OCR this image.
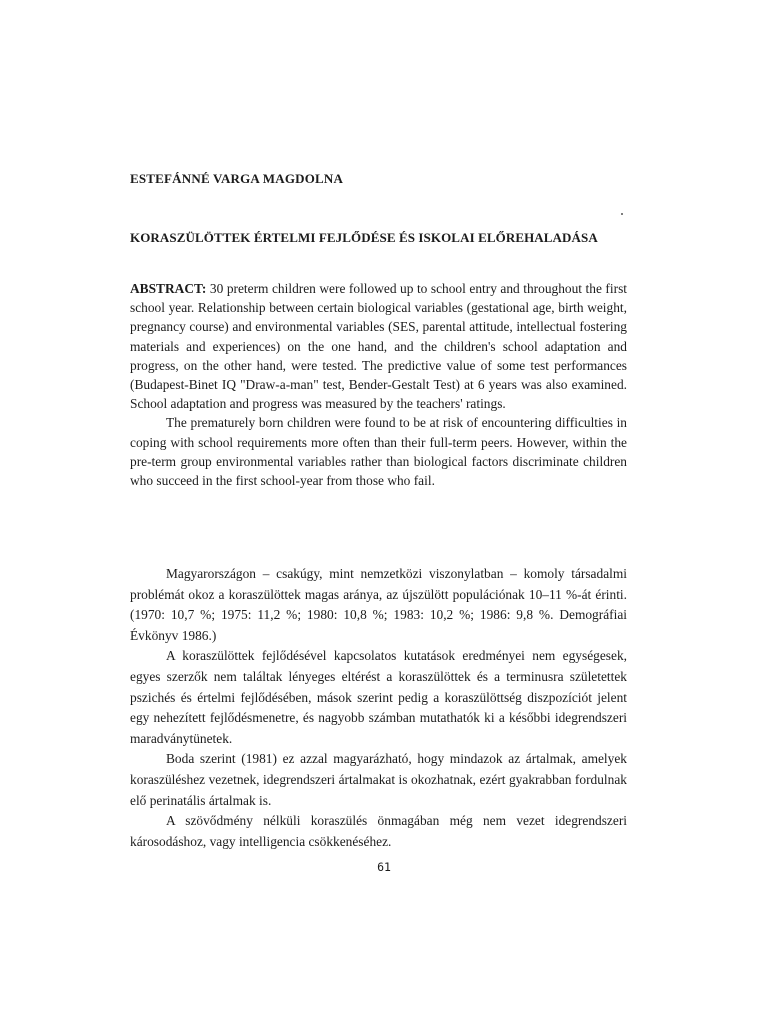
ESTEFÁNNÉ VARGA MAGDOLNA

KORASZÜLÖTTEK ÉRTELMI FEJLŐDÉSE ÉS ISKOLAI ELŐREHALADÁSA

ABSTRACT: 30 preterm children were followed up to school entry and throughout the first school year. Relationship between certain biological variables (gestational age, birth weight, pregnancy course) and environmental variables (SES, parental attitude, intellectual fostering materials and experiences) on the one hand, and the children's school adaptation and progress, on the other hand, were tested. The predictive value of some test performances (Budapest-Binet IQ "Draw-a-man" test, Bender-Gestalt Test) at 6 years was also examined. School adaptation and progress was measured by the teachers' ratings.

The prematurely born children were found to be at risk of encountering difficulties in coping with school requirements more often than their full-term peers. However, within the pre-term group environmental variables rather than biological factors discriminate children who succeed in the first school-year from those who fail.

Magyarországon – csakúgy, mint nemzetközi viszonylatban – komoly társadalmi problémát okoz a koraszülöttek magas aránya, az újszülött populációnak 10–11 %-át érinti. (1970: 10,7 %; 1975: 11,2 %; 1980: 10,8 %; 1983: 10,2 %; 1986: 9,8 %. Demográfiai Évkönyv 1986.)

A koraszülöttek fejlődésével kapcsolatos kutatások eredményei nem egységesek, egyes szerzők nem találtak lényeges eltérést a koraszülöttek és a terminusra születettek pszichés és értelmi fejlődésében, mások szerint pedig a koraszülöttség diszpozíciót jelent egy nehezített fejlődésmenetre, és nagyobb számban mutathatók ki a későbbi idegrendszeri maradványtünetek.

Boda szerint (1981) ez azzal magyarázható, hogy mindazok az ártalmak, amelyek koraszüléshez vezetnek, idegrendszeri ártalmakat is okozhatnak, ezért gyakrabban fordulnak elő perinatális ártalmak is.

A szövődmény nélküli koraszülés önmagában még nem vezet idegrendszeri károsodáshoz, vagy intelligencia csökkenéséhez.

61
